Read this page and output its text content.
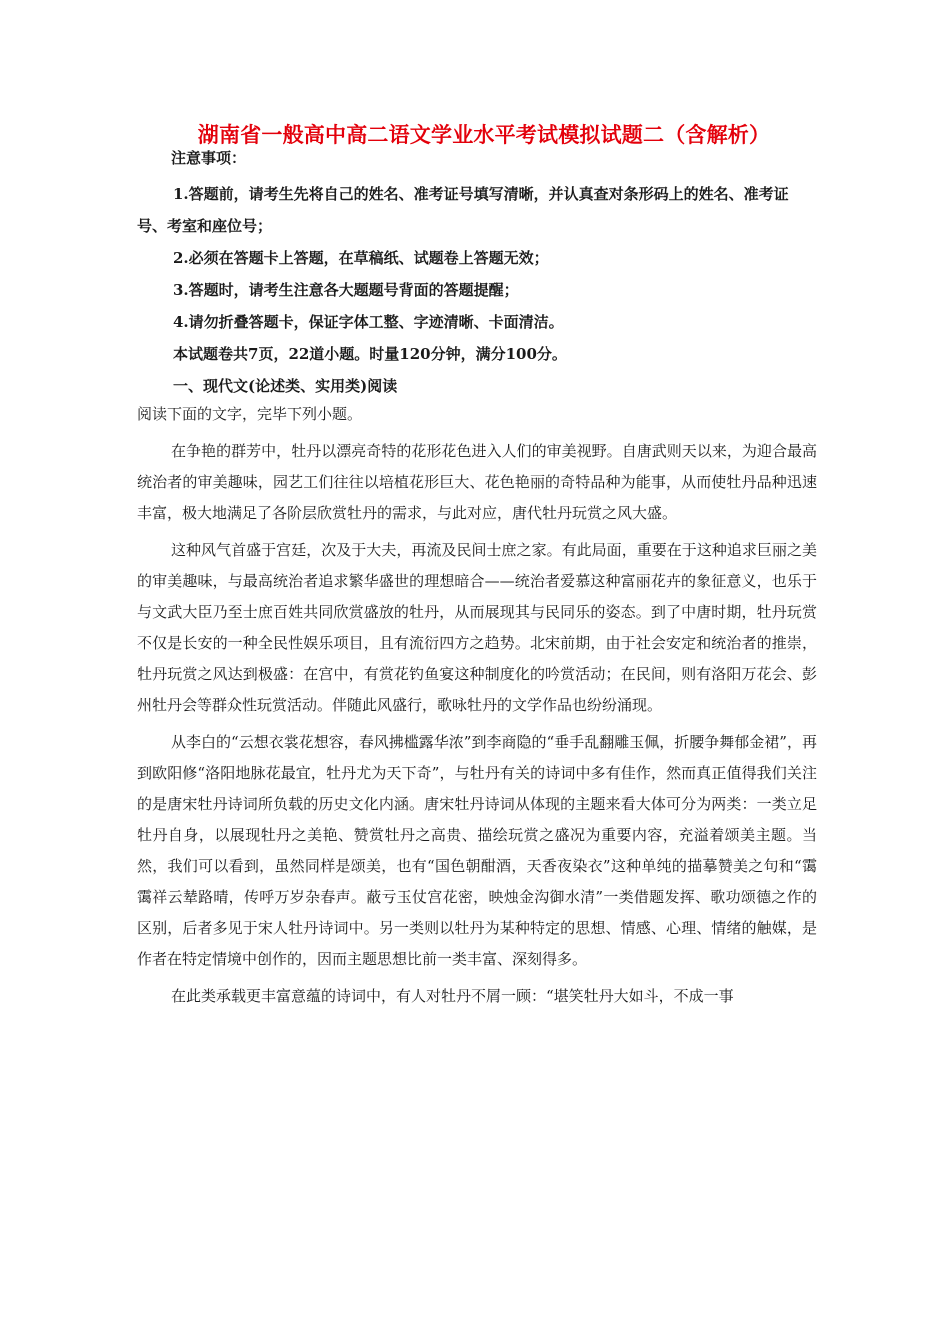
湖南省一般高中高二语文学业水平考试模拟试题二（含解析）
注意事项：
1.答题前，请考生先将自己的姓名、准考证号填写清晰，并认真查对条形码上的姓名、准考证号、考室和座位号；
2.必须在答题卡上答题，在草稿纸、试题卷上答题无效；
3.答题时，请考生注意各大题题号背面的答题提醒；
4.请勿折叠答题卡，保证字体工整、字迹清晰、卡面清洁。
本试题卷共7页，22道小题。时量120分钟，满分100分。
一、现代文(论述类、实用类)阅读
阅读下面的文字，完毕下列小题。

在争艳的群芳中，牡丹以漂亮奇特的花形花色进入人们的审美视野。自唐武则天以来，为迎合最高统治者的审美趣味，园艺工们往往以培植花形巨大、花色艳丽的奇特品种为能事，从而使牡丹品种迅速丰富，极大地满足了各阶层欣赏牡丹的需求，与此对应，唐代牡丹玩赏之风大盛。

这种风气首盛于宫廷，次及于大夫，再流及民间士庶之家。有此局面，重要在于这种追求巨丽之美的审美趣味，与最高统治者追求繁华盛世的理想暗合——统治者爱慕这种富丽花卉的象征意义，也乐于与文武大臣乃至士庶百姓共同欣赏盛放的牡丹，从而展现其与民同乐的姿态。到了中唐时期，牡丹玩赏不仅是长安的一种全民性娱乐项目，且有流衍四方之趋势。北宋前期，由于社会安定和统治者的推崇，牡丹玩赏之风达到极盛：在宫中，有赏花钓鱼宴这种制度化的吟赏活动；在民间，则有洛阳万花会、彭州牡丹会等群众性玩赏活动。伴随此风盛行，歌咏牡丹的文学作品也纷纷涌现。

从李白的“云想衣裳花想容，春风拂槛露华浓”到李商隐的“垂手乱翻雕玉佩，折腰争舞郁金裙”，再到欧阳修“洛阳地脉花最宜，牡丹尤为天下奇”，与牡丹有关的诗词中多有佳作，然而真正值得我们关注的是唐宋牡丹诗词所负载的历史文化内涵。唐宋牡丹诗词从体现的主题来看大体可分为两类：一类立足牡丹自身，以展现牡丹之美艳、赞赏牡丹之高贵、描绘玩赏之盛况为重要内容，充溢着颂美主题。当然，我们可以看到，虽然同样是颂美，也有“国色朝酣酒，天香夜染衣”这种单纯的描摹赞美之句和“霭霭祥云辇路晴，传呼万岁杂春声。蔽亏玉仗宫花密，映烛金沟御水清”一类借题发挥、歌功颂德之作的区别，后者多见于宋人牡丹诗词中。另一类则以牡丹为某种特定的思想、情感、心理、情绪的触媒，是作者在特定情境中创作的，因而主题思想比前一类丰富、深刻得多。

在此类承载更丰富意蕴的诗词中，有人对牡丹不屑一顾：“堪笑牡丹大如斗，不成一事
